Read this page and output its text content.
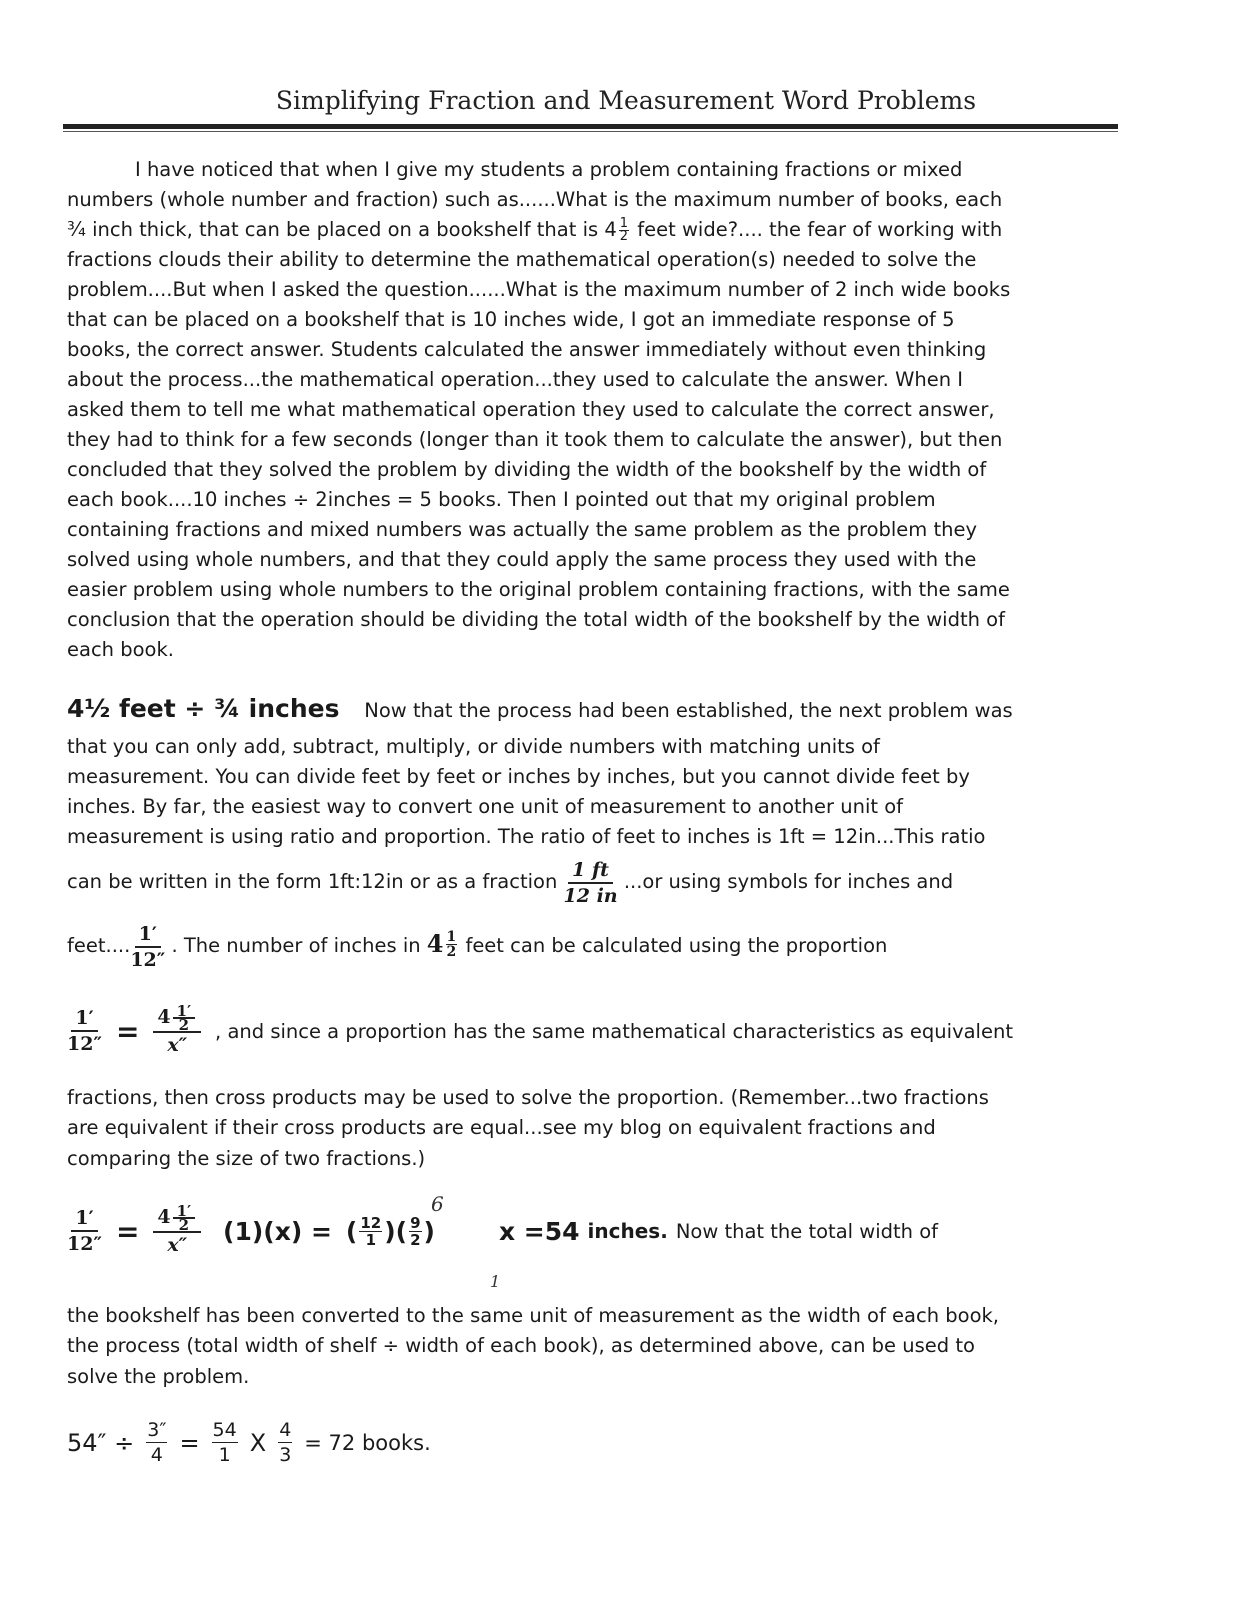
Simplifying Fraction and Measurement Word Problems
I have noticed that when I give my students a problem containing fractions or mixed
numbers (whole number and fraction) such as......What is the maximum number of books, each
¾ inch thick, that can be placed on a bookshelf that is $4 \frac{1}{2}$ feet wide?.... the fear of working with
fractions clouds their ability to determine the mathematical operation(s) needed to solve the
problem....But when I asked the question......What is the maximum number of 2 inch wide books
that can be placed on a bookshelf that is 10 inches wide, I got an immediate response of 5
books, the correct answer. Students calculated the answer immediately without even thinking
about the process...the mathematical operation...they used to calculate the answer. When I
asked them to tell me what mathematical operation they used to calculate the correct answer,
they had to think for a few seconds (longer than it took them to calculate the answer), but then
concluded that they solved the problem by dividing the width of the bookshelf by the width of
each book....10 inches ÷ 2inches = 5 books. Then I pointed out that my original problem
containing fractions and mixed numbers was actually the same problem as the problem they
solved using whole numbers, and that they could apply the same process they used with the
easier problem using whole numbers to the original problem containing fractions, with the same
conclusion that the operation should be dividing the total width of the bookshelf by the width of
each book.
4½ feet ÷ ¾ inches Now that the process had been established, the next problem was
that you can only add, subtract, multiply, or divide numbers with matching units of
measurement. You can divide feet by feet or inches by inches, but you cannot divide feet by
inches. By far, the easiest way to convert one unit of measurement to another unit of
measurement is using ratio and proportion. The ratio of feet to inches is 1ft = 12in...This ratio
can be written in the form 1ft:12in or as a fraction $\frac{1 ft}{12 in} ...or$ using symbols for inches and
feet.... $\frac{1'}{12''}$ . The number of inches in $4 \frac{1}{2}$ feet can be calculated using the proportion
$\frac{1'}{12''} = \frac{4 \frac{1'}{2}}{x''}$ , and since a proportion has the same mathematical characteristics as equivalent
fractions, then cross products may be used to solve the proportion. (Remember...two fractions
are equivalent if their cross products are equal...see my blog on equivalent fractions and
comparing the size of two fractions.)
6
1
$\frac{1'}{12''} = \frac{4 \frac{1'}{2}}{x''} (1)(x)$ = ( $\frac{12}{1}$ )( $\frac{9}{2}$ )	x =54 inches. Now that the total width of
the bookshelf has been converted to the same unit of measurement as the width of each book,
the process (total width of shelf ÷ width of each book), as determined above, can be used to
solve the problem.
$54'' \div \frac{3''}{4} = \frac{54}{1}$ X $\frac{4}{3} = 72$ books.
